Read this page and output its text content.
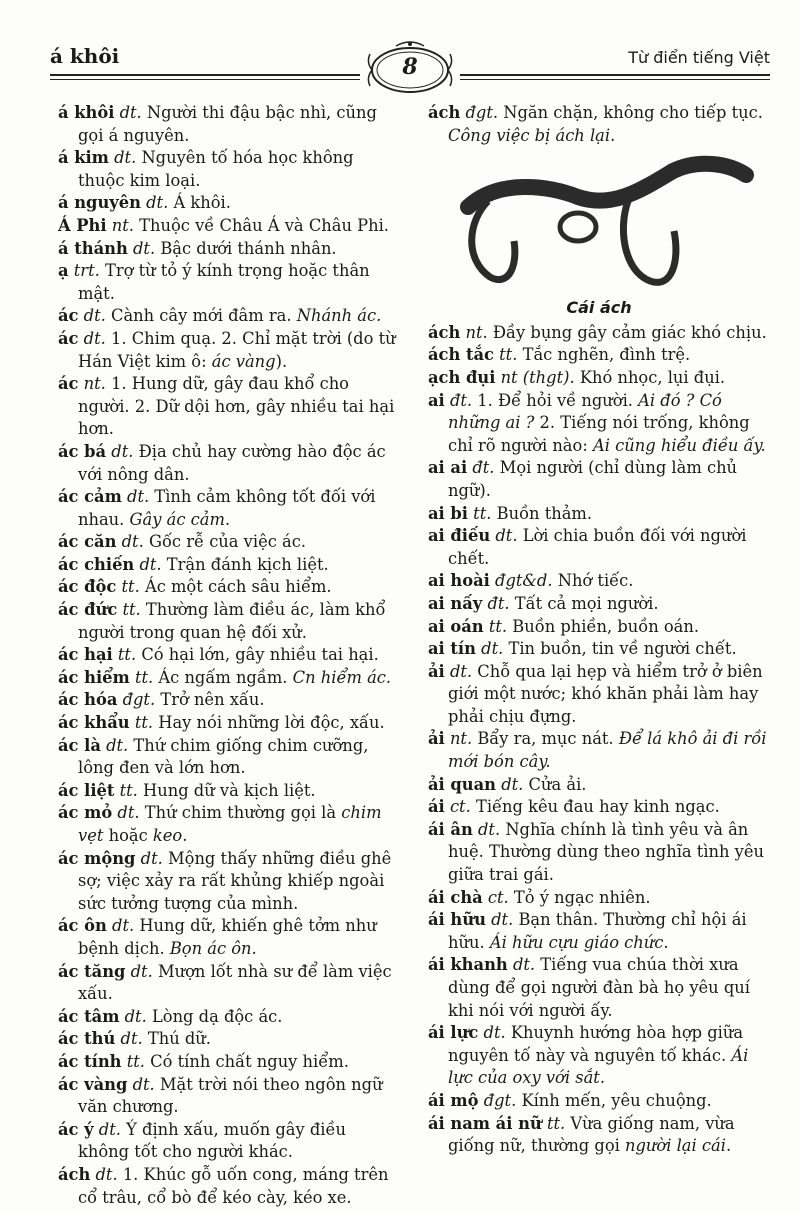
á khôi	8	Từ điển tiếng Việt

á khôi dt. Người thi đậu bậc nhì, cũng gọi á nguyên.

á kim dt. Nguyên tố hóa học không thuộc kim loại.

á nguyên dt. Á khôi.

Á Phi nt. Thuộc về Châu Á và Châu Phi.

á thánh dt. Bậc dưới thánh nhân.

ạ trt. Trợ từ tỏ ý kính trọng hoặc thân mật.

ác dt. Cành cây mới đâm ra. Nhánh ác.

ác dt. 1. Chim quạ. 2. Chỉ mặt trời (do từ Hán Việt kim ô: ác vàng).

ác nt. 1. Hung dữ, gây đau khổ cho người. 2. Dữ dội hơn, gây nhiều tai hại hơn.

ác bá dt. Địa chủ hay cường hào độc ác với nông dân.

ác cảm dt. Tình cảm không tốt đối với nhau. Gây ác cảm.

ác căn dt. Gốc rễ của việc ác.

ác chiến dt. Trận đánh kịch liệt.

ác độc tt. Ác một cách sâu hiểm.

ác đức tt. Thường làm điều ác, làm khổ người trong quan hệ đối xử.

ác hại tt. Có hại lớn, gây nhiều tai hại.

ác hiểm tt. Ác ngấm ngầm. Cn hiểm ác.

ác hóa đgt. Trở nên xấu.

ác khẩu tt. Hay nói những lời độc, xấu.

ác là dt. Thứ chim giống chim cưỡng, lông đen và lớn hơn.

ác liệt tt. Hung dữ và kịch liệt.

ác mỏ dt. Thứ chim thường gọi là chim vẹt hoặc keo.

ác mộng dt. Mộng thấy những điều ghê sợ; việc xảy ra rất khủng khiếp ngoài sức tưởng tượng của mình.

ác ôn dt. Hung dữ, khiến ghê tởm như bệnh dịch. Bọn ác ôn.

ác tăng dt. Mượn lốt nhà sư để làm việc xấu.

ác tâm dt. Lòng dạ độc ác.

ác thú dt. Thú dữ.

ác tính tt. Có tính chất nguy hiểm.

ác vàng dt. Mặt trời nói theo ngôn ngữ văn chương.

ác ý dt. Ý định xấu, muốn gây điều không tốt cho người khác.

ách dt. 1. Khúc gỗ uốn cong, máng trên cổ trâu, cổ bò để kéo cày, kéo xe.

ách đgt. Ngăn chặn, không cho tiếp tục. Công việc bị ách lại.

Cái ách

ách nt. Đầy bụng gây cảm giác khó chịu.

ách tắc tt. Tắc nghẽn, đình trệ.

ạch đụi nt (thgt). Khó nhọc, lụi đụi.

ai đt. 1. Để hỏi về người. Ai đó ? Có những ai ? 2. Tiếng nói trống, không chỉ rõ người nào: Ai cũng hiểu điều ấy.

ai ai đt. Mọi người (chỉ dùng làm chủ ngữ).

ai bi tt. Buồn thảm.

ai điếu dt. Lời chia buồn đối với người chết.

ai hoài đgt&d. Nhớ tiếc.

ai nấy đt. Tất cả mọi người.

ai oán tt. Buồn phiền, buồn oán.

ai tín dt. Tin buồn, tin về người chết.

ải dt. Chỗ qua lại hẹp và hiểm trở ở biên giới một nước; khó khăn phải làm hay phải chịu đựng.

ải nt. Bẩy ra, mục nát. Để lá khô ải đi rồi mới bón cây.

ải quan dt. Cửa ải.

ái ct. Tiếng kêu đau hay kinh ngạc.

ái ân dt. Nghĩa chính là tình yêu và ân huệ. Thường dùng theo nghĩa tình yêu giữa trai gái.

ái chà ct. Tỏ ý ngạc nhiên.

ái hữu dt. Bạn thân. Thường chỉ hội ái hữu. Ái hữu cựu giáo chức.

ái khanh dt. Tiếng vua chúa thời xưa dùng để gọi người đàn bà họ yêu quí khi nói với người ấy.

ái lực dt. Khuynh hướng hòa hợp giữa nguyên tố này và nguyên tố khác. Ái lực của oxy với sắt.

ái mộ đgt. Kính mến, yêu chuộng.

ái nam ái nữ tt. Vừa giống nam, vừa giống nữ, thường gọi người lại cái.
